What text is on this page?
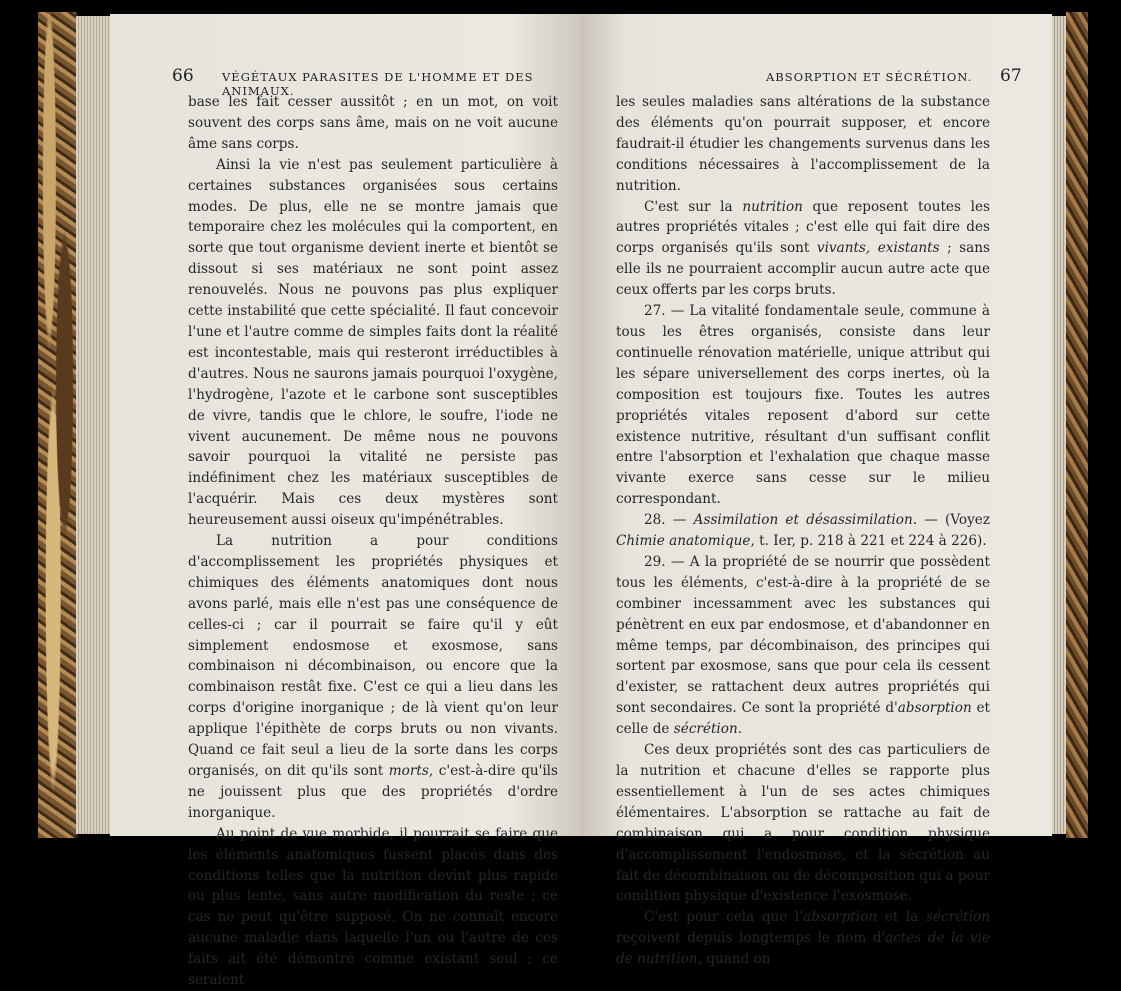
66 VÉGÉTAUX PARASITES DE L'HOMME ET DES ANIMAUX.

base les fait cesser aussitôt ; en un mot, on voit souvent des corps sans âme, mais on ne voit aucune âme sans corps.

Ainsi la vie n'est pas seulement particulière à certaines substances organisées sous certains modes. De plus, elle ne se montre jamais que temporaire chez les molécules qui la comportent, en sorte que tout organisme devient inerte et bientôt se dissout si ses matériaux ne sont point assez renouvelés. Nous ne pouvons pas plus expliquer cette instabilité que cette spécialité. Il faut concevoir l'une et l'autre comme de simples faits dont la réalité est incontestable, mais qui resteront irréductibles à d'autres. Nous ne saurons jamais pourquoi l'oxygène, l'hydrogène, l'azote et le carbone sont susceptibles de vivre, tandis que le chlore, le soufre, l'iode ne vivent aucunement. De même nous ne pouvons savoir pourquoi la vitalité ne persiste pas indéfiniment chez les matériaux susceptibles de l'acquérir. Mais ces deux mystères sont heureusement aussi oiseux qu'impénétrables.

La nutrition a pour conditions d'accomplissement les propriétés physiques et chimiques des éléments anatomiques dont nous avons parlé, mais elle n'est pas une conséquence de celles-ci ; car il pourrait se faire qu'il y eût simplement endosmose et exosmose, sans combinaison ni décombinaison, ou encore que la combinaison restât fixe. C'est ce qui a lieu dans les corps d'origine inorganique ; de là vient qu'on leur applique l'épithète de corps bruts ou non vivants. Quand ce fait seul a lieu de la sorte dans les corps organisés, on dit qu'ils sont morts, c'est-à-dire qu'ils ne jouissent plus que des propriétés d'ordre inorganique.

Au point de vue morbide, il pourrait se faire que les éléments anatomiques fussent placés dans des conditions telles que la nutrition devînt plus rapide ou plus lente, sans autre modification du reste ; ce cas ne peut qu'être supposé. On ne connaît encore aucune maladie dans laquelle l'un ou l'autre de ces faits ait été démontré comme existant seul ; ce seraient

ABSORPTION ET SÉCRÉTION. 67

les seules maladies sans altérations de la substance des éléments qu'on pourrait supposer, et encore faudrait-il étudier les changements survenus dans les conditions nécessaires à l'accomplissement de la nutrition.

C'est sur la nutrition que reposent toutes les autres propriétés vitales ; c'est elle qui fait dire des corps organisés qu'ils sont vivants, existants ; sans elle ils ne pourraient accomplir aucun autre acte que ceux offerts par les corps bruts.

27. — La vitalité fondamentale seule, commune à tous les êtres organisés, consiste dans leur continuelle rénovation matérielle, unique attribut qui les sépare universellement des corps inertes, où la composition est toujours fixe. Toutes les autres propriétés vitales reposent d'abord sur cette existence nutritive, résultant d'un suffisant conflit entre l'absorption et l'exhalation que chaque masse vivante exerce sans cesse sur le milieu correspondant.

28. — Assimilation et désassimilation. — (Voyez Chimie anatomique, t. Ier, p. 218 à 221 et 224 à 226).

29. — A la propriété de se nourrir que possèdent tous les éléments, c'est-à-dire à la propriété de se combiner incessamment avec les substances qui pénètrent en eux par endosmose, et d'abandonner en même temps, par décombinaison, des principes qui sortent par exosmose, sans que pour cela ils cessent d'exister, se rattachent deux autres propriétés qui sont secondaires. Ce sont la propriété d'absorption et celle de sécrétion.

Ces deux propriétés sont des cas particuliers de la nutrition et chacune d'elles se rapporte plus essentiellement à l'un de ses actes chimiques élémentaires. L'absorption se rattache au fait de combinaison qui a pour condition physique d'accomplissement l'endosmose, et la sécrétion au fait de décombinaison ou de décomposition qui a pour condition physique d'existence l'exosmose.

C'est pour cela que l'absorption et la sécrétion reçoivent depuis longtemps le nom d'actes de la vie de nutrition, quand on
